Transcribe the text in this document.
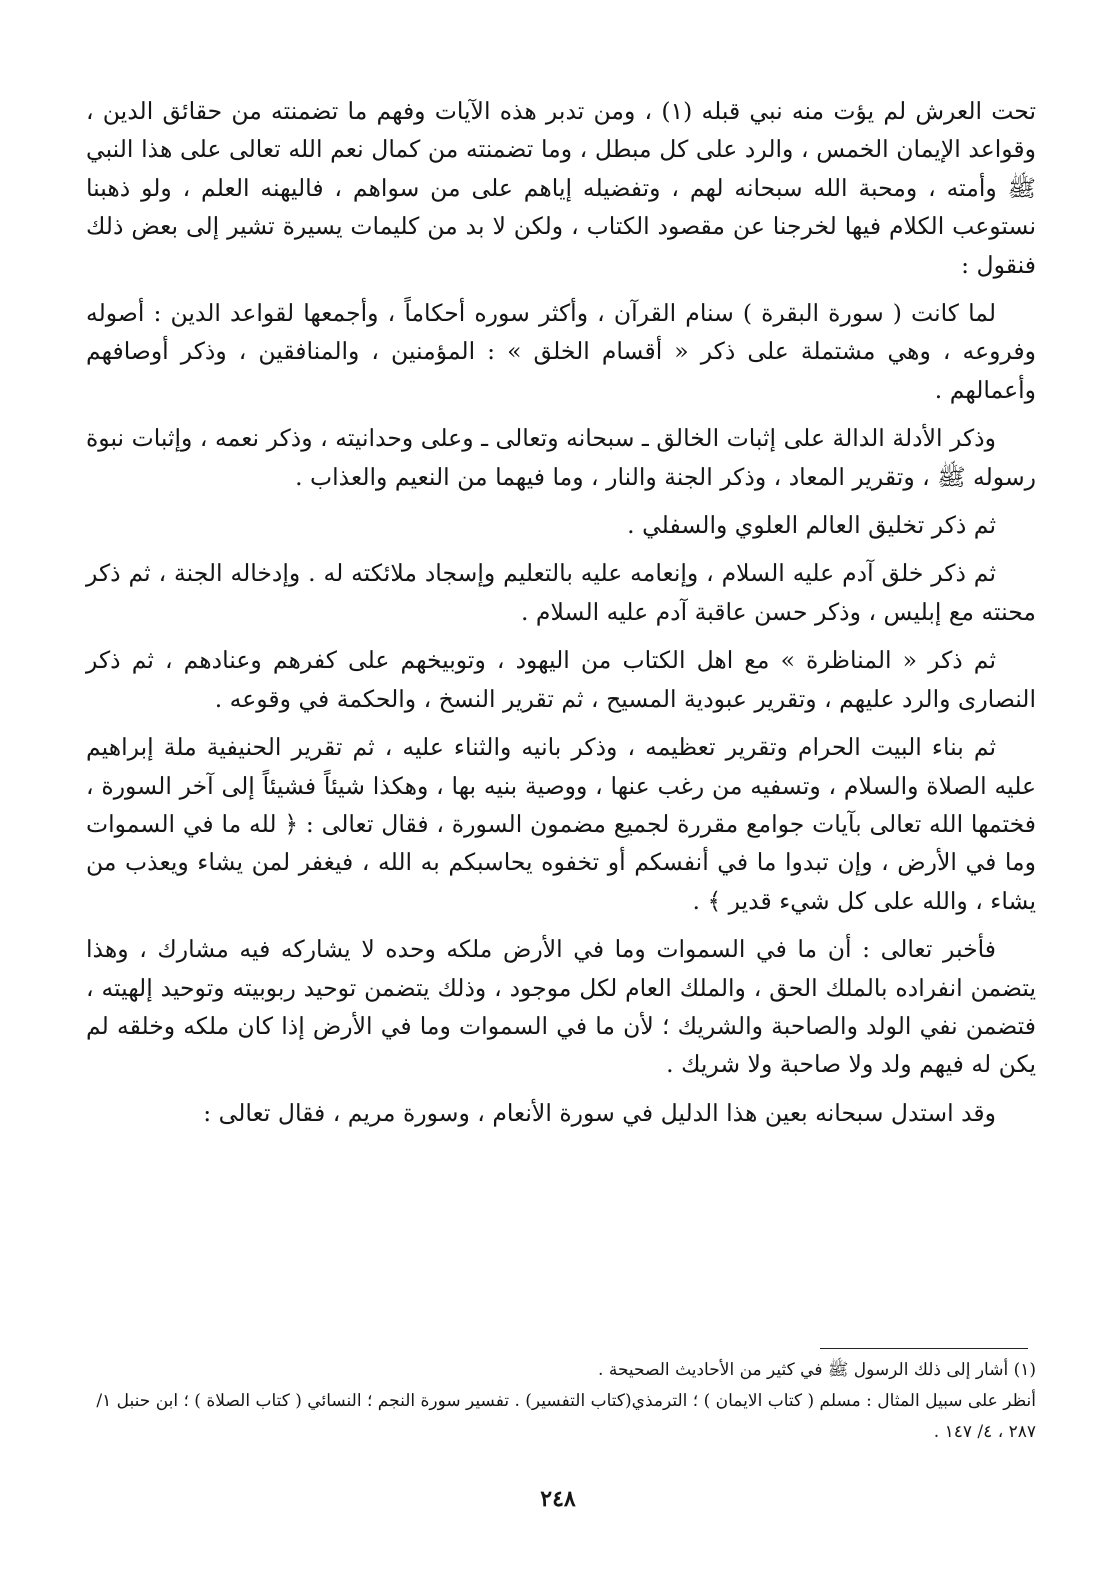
تحت العرش لم يؤت منه نبي قبله (١) ، ومن تدبر هذه الآيات وفهم ما تضمنته من حقائق الدين ، وقواعد الإيمان الخمس ، والرد على كل مبطل ، وما تضمنته من كمال نعم الله تعالى على هذا النبي ﷺ وأمته ، ومحبة الله سبحانه لهم ، وتفضيله إياهم على من سواهم ، فاليهنه العلم ، ولو ذهبنا نستوعب الكلام فيها لخرجنا عن مقصود الكتاب ، ولكن لا بد من كليمات يسيرة تشير إلى بعض ذلك فنقول :

لما كانت ( سورة البقرة ) سنام القرآن ، وأكثر سوره أحكاماً ، وأجمعها لقواعد الدين : أصوله وفروعه ، وهي مشتملة على ذكر « أقسام الخلق » : المؤمنين ، والمنافقين ، وذكر أوصافهم وأعمالهم .

وذكر الأدلة الدالة على إثبات الخالق ـ سبحانه وتعالى ـ وعلى وحدانيته ، وذكر نعمه ، وإثبات نبوة رسوله ﷺ ، وتقرير المعاد ، وذكر الجنة والنار ، وما فيهما من النعيم والعذاب .

ثم ذكر تخليق العالم العلوي والسفلي .

ثم ذكر خلق آدم عليه السلام ، وإنعامه عليه بالتعليم وإسجاد ملائكته له . وإدخاله الجنة ، ثم ذكر محنته مع إبليس ، وذكر حسن عاقبة آدم عليه السلام .

ثم ذكر « المناظرة » مع اهل الكتاب من اليهود ، وتوبيخهم على كفرهم وعنادهم ، ثم ذكر النصارى والرد عليهم ، وتقرير عبودية المسيح ، ثم تقرير النسخ ، والحكمة في وقوعه .

ثم بناء البيت الحرام وتقرير تعظيمه ، وذكر بانيه والثناء عليه ، ثم تقرير الحنيفية ملة إبراهيم عليه الصلاة والسلام ، وتسفيه من رغب عنها ، ووصية بنيه بها ، وهكذا شيئاً فشيئاً إلى آخر السورة ، فختمها الله تعالى بآيات جوامع مقررة لجميع مضمون السورة ، فقال تعالى : ﴿ لله ما في السموات وما في الأرض ، وإن تبدوا ما في أنفسكم أو تخفوه يحاسبكم به الله ، فيغفر لمن يشاء ويعذب من يشاء ، والله على كل شيء قدير ﴾ .

فأخبر تعالى : أن ما في السموات وما في الأرض ملكه وحده لا يشاركه فيه مشارك ، وهذا يتضمن انفراده بالملك الحق ، والملك العام لكل موجود ، وذلك يتضمن توحيد ربوبيته وتوحيد إلهيته ، فتضمن نفي الولد والصاحبة والشريك ؛ لأن ما في السموات وما في الأرض إذا كان ملكه وخلقه لم يكن له فيهم ولد ولا صاحبة ولا شريك .

وقد استدل سبحانه بعين هذا الدليل في سورة الأنعام ، وسورة مريم ، فقال تعالى :

(١) أشار إلى ذلك الرسول ﷺ في كثير من الأحاديث الصحيحة .

أنظر على سبيل المثال : مسلم ( كتاب الايمان ) ؛ الترمذي(كتاب التفسير) . تفسير سورة النجم ؛ النسائي ( كتاب الصلاة ) ؛ ابن حنبل ١/ ٢٨٧ ، ٤/ ١٤٧ .

٢٤٨
